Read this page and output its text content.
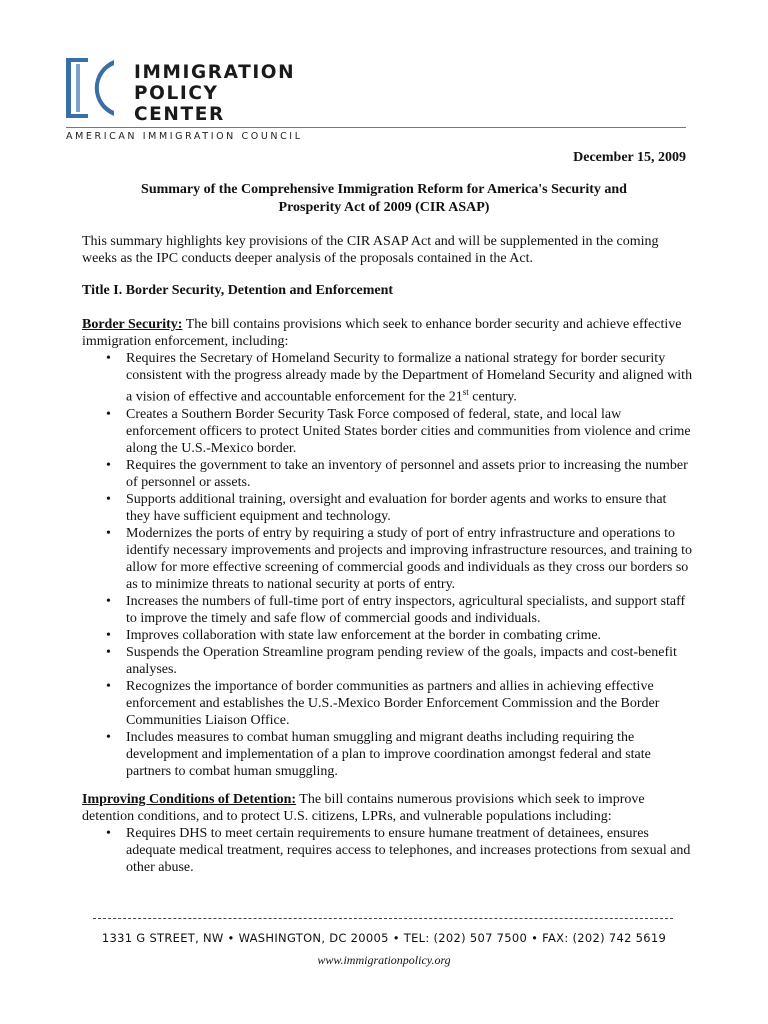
IMMIGRATION
POLICY
CENTER
AMERICAN IMMIGRATION COUNCIL
December 15, 2009
Summary of the Comprehensive Immigration Reform for America's Security and
Prosperity Act of 2009 (CIR ASAP)
This summary highlights key provisions of the CIR ASAP Act and will be supplemented in the coming weeks as the IPC conducts deeper analysis of the proposals contained in the Act.
Title I. Border Security, Detention and Enforcement
Border Security: The bill contains provisions which seek to enhance border security and achieve effective immigration enforcement, including:
• Requires the Secretary of Homeland Security to formalize a national strategy for border security consistent with the progress already made by the Department of Homeland Security and aligned with a vision of effective and accountable enforcement for the 21st century.
• Creates a Southern Border Security Task Force composed of federal, state, and local law enforcement officers to protect United States border cities and communities from violence and crime along the U.S.-Mexico border.
• Requires the government to take an inventory of personnel and assets prior to increasing the number of personnel or assets.
• Supports additional training, oversight and evaluation for border agents and works to ensure that they have sufficient equipment and technology.
• Modernizes the ports of entry by requiring a study of port of entry infrastructure and operations to identify necessary improvements and projects and improving infrastructure resources, and training to allow for more effective screening of commercial goods and individuals as they cross our borders so as to minimize threats to national security at ports of entry.
• Increases the numbers of full-time port of entry inspectors, agricultural specialists, and support staff to improve the timely and safe flow of commercial goods and individuals.
• Improves collaboration with state law enforcement at the border in combating crime.
• Suspends the Operation Streamline program pending review of the goals, impacts and cost-benefit analyses.
• Recognizes the importance of border communities as partners and allies in achieving effective enforcement and establishes the U.S.-Mexico Border Enforcement Commission and the Border Communities Liaison Office.
• Includes measures to combat human smuggling and migrant deaths including requiring the development and implementation of a plan to improve coordination amongst federal and state partners to combat human smuggling.
Improving Conditions of Detention: The bill contains numerous provisions which seek to improve detention conditions, and to protect U.S. citizens, LPRs, and vulnerable populations including:
• Requires DHS to meet certain requirements to ensure humane treatment of detainees, ensures adequate medical treatment, requires access to telephones, and increases protections from sexual and other abuse.
1331 G STREET, NW • WASHINGTON, DC 20005 • TEL: (202) 507 7500 • FAX: (202) 742 5619
www.immigrationpolicy.org
